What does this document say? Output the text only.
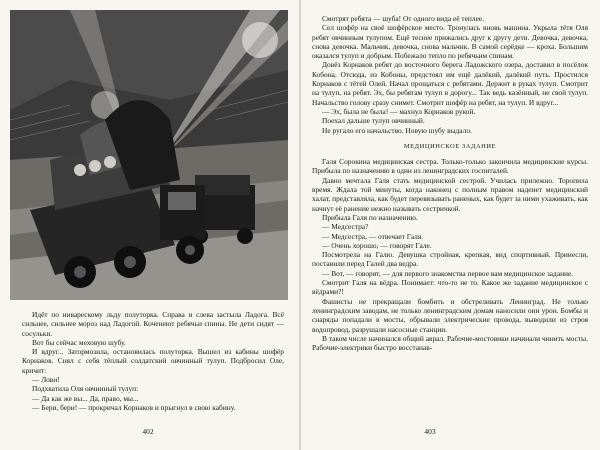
Идёт по ниварескому льду полуторка. Справа и слева застыла Ладога. Всё сильнее, сильнее мороз над Ладогой. Коченеют ребячьи спины. Не дети сидят — сосульки.

Вот бы сейчас меховую шубу.

И вдруг... Затормозила, остановилась полуторка. Вышел из кабины шофёр Корнаков. Снял с себя тёплый солдатский овчинный тулуп. Подбросил Оле, кричит:

— Лови!

Подхватила Оля овчинный тулуп:

— Да как же вы... Да, право, мы...

— Бери, бери! — прокричал Корнаков и прыгнул в свою кабину.

402

Смотрят ребята — шуба! От одного вида её теплее.

Сел шофёр на своё шофёрское место. Тронулась вновь машина. Укрыла тётя Оля ребят овчинным тулупом. Ещё теснее прижались друг к другу дети. Девочка, девочка, снова девочка. Мальчик, девочка, снова мальчик. В самой серёдке — кроха. Большим оказался тулуп и добрым. Побежало тепло по ребячьим спинам.

Довёз Корнаков ребят до восточного берега Ладожского озера, доставил в посёлок Кобона. Отсюда, из Кобоны, предстоял им ещё далёкий, далёкий путь. Простился Корнаков с тётей Олей. Начал прощаться с ребятами. Держит в руках тулуп. Смотрит на тулуп, на ребят. Эх, бы ребятам тулуп в дорогу... Так ведь казённый, не свой тулуп. Начальство голову сразу снимет. Смотрит шофёр на ребят, на тулуп. И вдруг...

— Эх, была не была! — махнул Корнаков рукой.

Поехал дальше тулуп овчинный.

Не ругало его начальство. Новую шубу выдало.

МЕДИЦИНСКОЕ ЗАДАНИЕ

Галя Сорокина медицинская сестра. Только-только закончила медицинские курсы. Прибыла по назначению в один из ленинградских госпиталей.

Давно мечтала Галя стать медицинской сестрой. Училась прилежно. Торопила время. Ждала той минуты, когда наконец с полным правом наденет медицинский халат, представляла, как будет перевязывать раненых, как будет за ними ухаживать, как начнут её ранение нежно называть сестричкой.

Прибыла Галя по назначению.

— Медсестра?

— Медсестра, — отвечает Галя.

— Очень хорошо, — говорят Гале.

Посмотрела на Галю. Девушка стройная, крепкая, вид спортивный. Принесли, поставили перед Галей два ведра.

— Вот, — говорят, — для первого знакомства первое вам медицинское задание.

Смотрит Галя на вёдра. Понимает: что-то не то. Какое же задание медицинское с вёдрами?!

Фашисты не прекращали бомбить и обстреливать Ленинград. Не только ленинградским заводам, не только ленинградским домам наносили они урон. Бомбы и снаряды попадали в мосты, обрывали электрические провода, выводили из строя водопровод, разрушали насосные станции.

В таком числе начинался общий аврал. Рабочие-мостовики начинали чинить мосты. Рабочие-электрики быстро восстанав-

403
